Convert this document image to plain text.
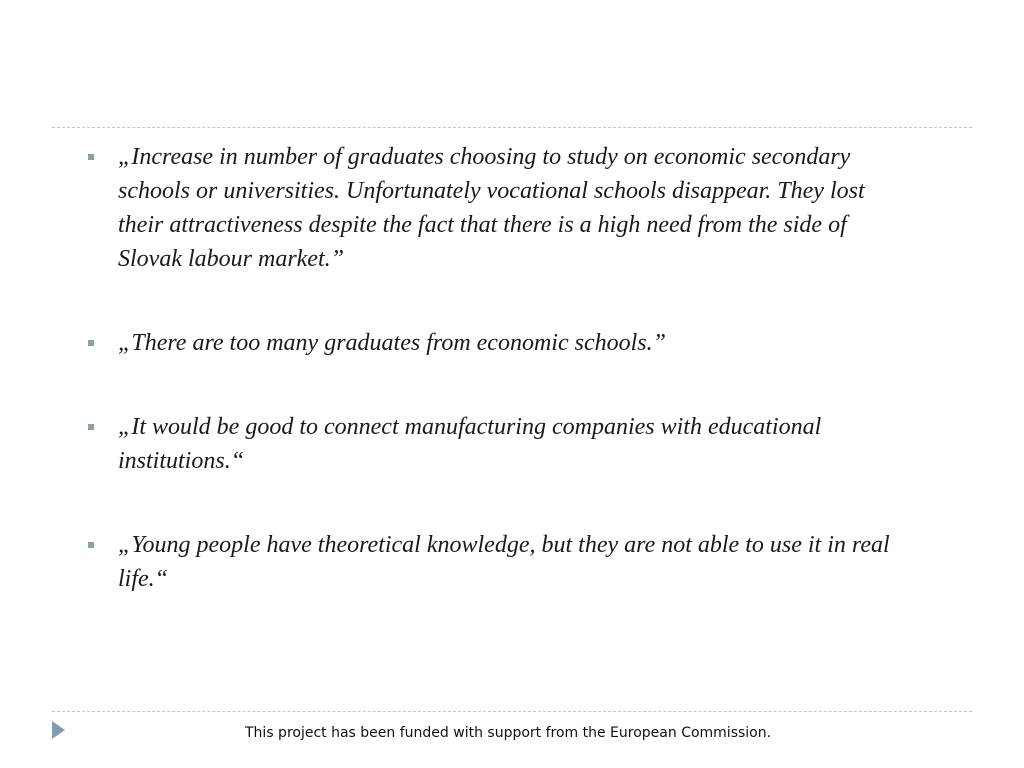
„Increase in number of graduates choosing to study on economic secondary schools or universities. Unfortunately vocational schools disappear. They lost their attractiveness despite the fact that there is a high need from the side of Slovak labour market.”
„There are too many graduates from economic schools.”
„It would be good to connect manufacturing companies with educational institutions.“
„Young people have theoretical knowledge, but they are not able to use it in real life.“
This project has been funded with support from the European Commission.
